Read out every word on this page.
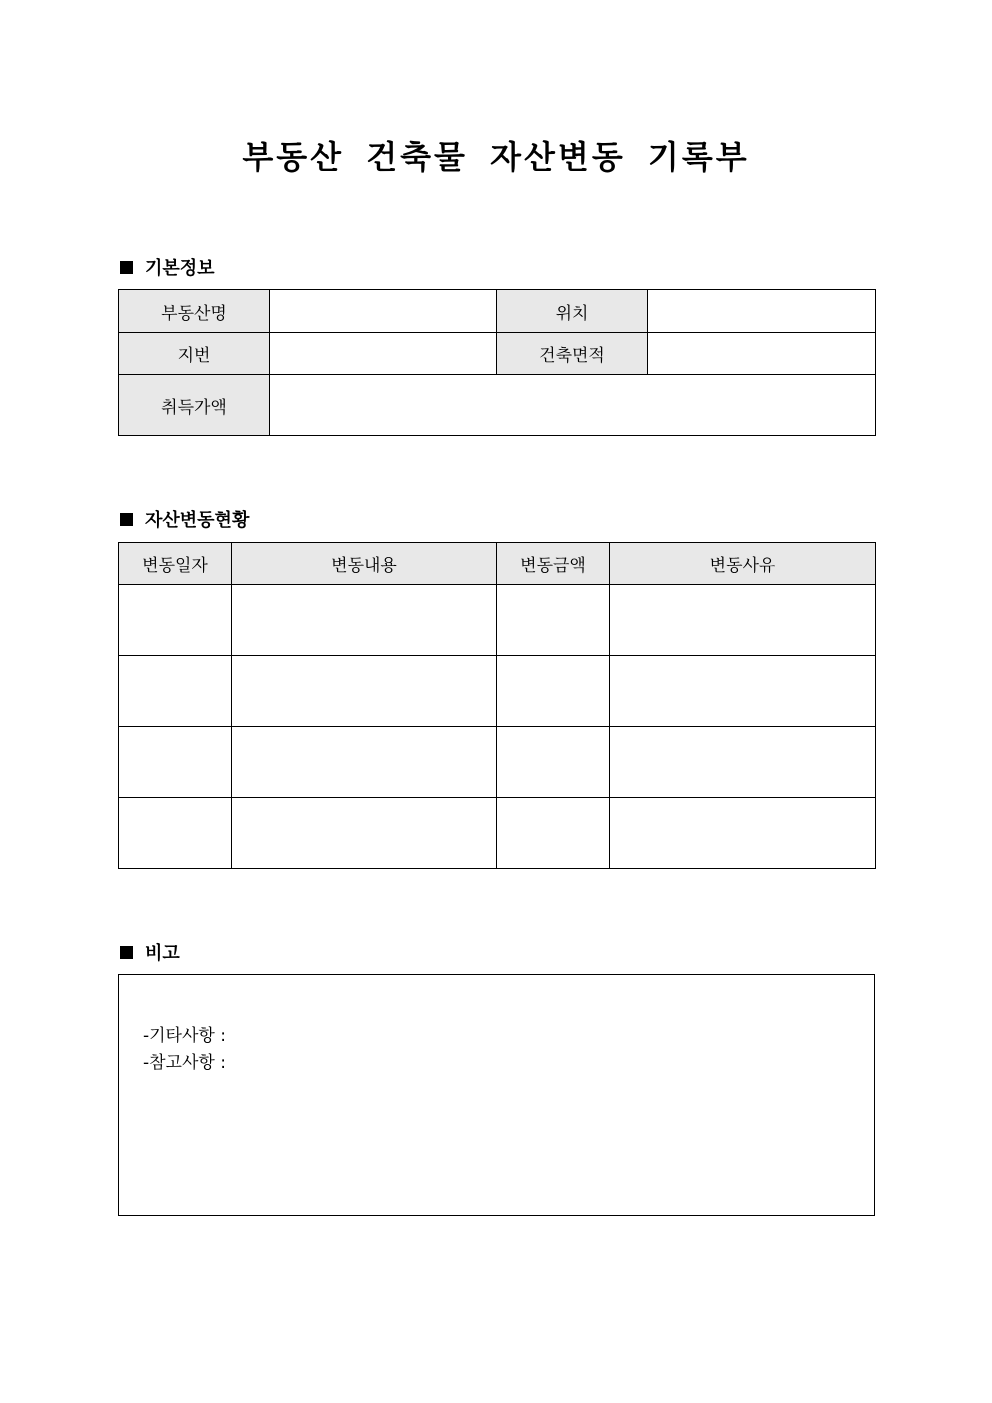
부동산 건축물 자산변동 기록부
기본정보
부동산명		위치	
지번		건축면적	
취득가액			
자산변동현황
변동일자	변동내용	변동금액	변동사유

비고
-기타사항 :
-참고사항 :
